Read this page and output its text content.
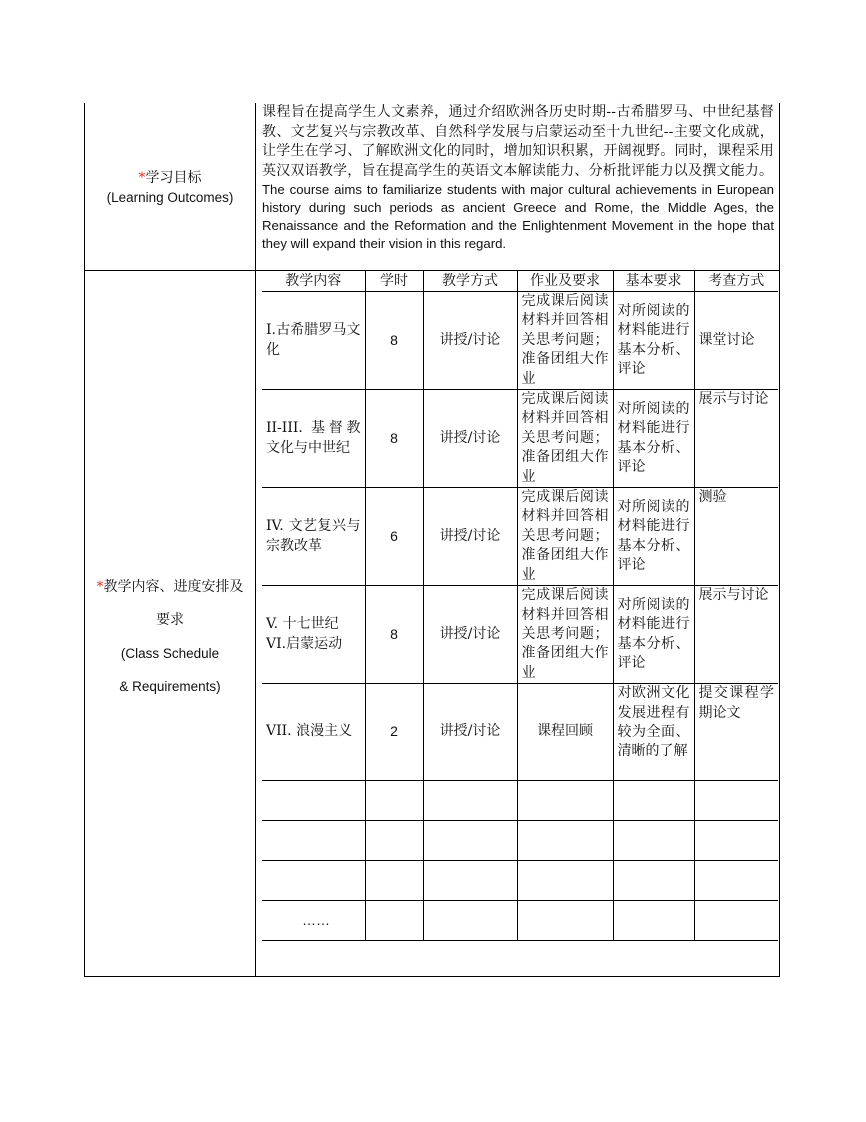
*学习目标
(Learning Outcomes)
课程旨在提高学生人文素养，通过介绍欧洲各历史时期--古希腊罗马、中世纪基督教、文艺复兴与宗教改革、自然科学发展与启蒙运动至十九世纪--主要文化成就，让学生在学习、了解欧洲文化的同时，增加知识积累，开阔视野。同时，课程采用英汉双语教学，旨在提高学生的英语文本解读能力、分析批评能力以及撰文能力。
The course aims to familiarize students with major cultural achievements in European history during such periods as ancient Greece and Rome, the Middle Ages, the Renaissance and the Reformation and the Enlightenment Movement in the hope that they will expand their vision in this regard.
*教学内容、进度安排及
要求
(Class Schedule
& Requirements)
教学内容	学时	教学方式	作业及要求	基本要求	考查方式
I.古希腊罗马文化	8	讲授/讨论	完成课后阅读材料并回答相关思考问题；准备团组大作业	对所阅读的材料能进行基本分析、评论	课堂讨论
II-III. 基督教文化与中世纪	8	讲授/讨论	完成课后阅读材料并回答相关思考问题；准备团组大作业	对所阅读的材料能进行基本分析、评论	展示与讨论
IV. 文艺复兴与宗教改革	6	讲授/讨论	完成课后阅读材料并回答相关思考问题；准备团组大作业	对所阅读的材料能进行基本分析、评论	测验

V. 十七世纪
VI.启蒙运动	8	讲授/讨论	完成课后阅读材料并回答相关思考问题；准备团组大作业	对所阅读的材料能进行基本分析、评论	展示与讨论
VII. 浪漫主义	2	讲授/讨论	课程回顾	对欧洲文化发展进程有较为全面、清晰的了解	提交课程学期论文

……					
